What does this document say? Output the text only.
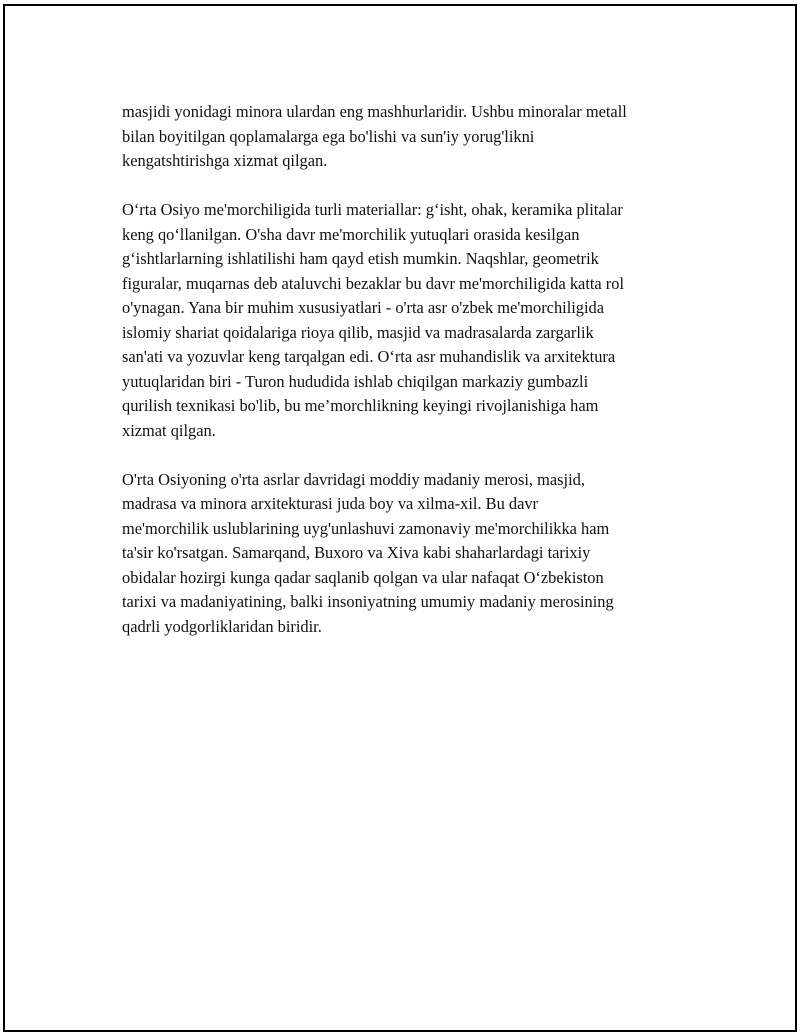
masjidi yonidagi minora ulardan eng mashhurlaridir. Ushbu minoralar metall
bilan boyitilgan qoplamalarga ega bo'lishi va sun'iy yorug'likni
kengatshtirishga xizmat qilgan.

O‘rta Osiyo me'morchiligida turli materiallar: g‘isht, ohak, keramika plitalar
keng qo‘llanilgan. O'sha davr me'morchilik yutuqlari orasida kesilgan
g‘ishtlarlarning ishlatilishi ham qayd etish mumkin. Naqshlar, geometrik
figuralar, muqarnas deb ataluvchi bezaklar bu davr me'morchiligida katta rol
o'ynagan. Yana bir muhim xususiyatlari - o'rta asr o'zbek me'morchiligida
islomiy shariat qoidalariga rioya qilib, masjid va madrasalarda zargarlik
san'ati va yozuvlar keng tarqalgan edi. O‘rta asr muhandislik va arxitektura
yutuqlaridan biri - Turon hududida ishlab chiqilgan markaziy gumbazli
qurilish texnikasi bo'lib, bu me’morchlikning keyingi rivojlanishiga ham
xizmat qilgan.

O'rta Osiyoning o'rta asrlar davridagi moddiy madaniy merosi, masjid,
madrasa va minora arxitekturasi juda boy va xilma-xil. Bu davr
me'morchilik uslublarining uyg'unlashuvi zamonaviy me'morchilikka ham
ta'sir ko'rsatgan. Samarqand, Buxoro va Xiva kabi shaharlardagi tarixiy
obidalar hozirgi kunga qadar saqlanib qolgan va ular nafaqat O‘zbekiston
tarixi va madaniyatining, balki insoniyatning umumiy madaniy merosining
qadrli yodgorliklaridan biridir.
